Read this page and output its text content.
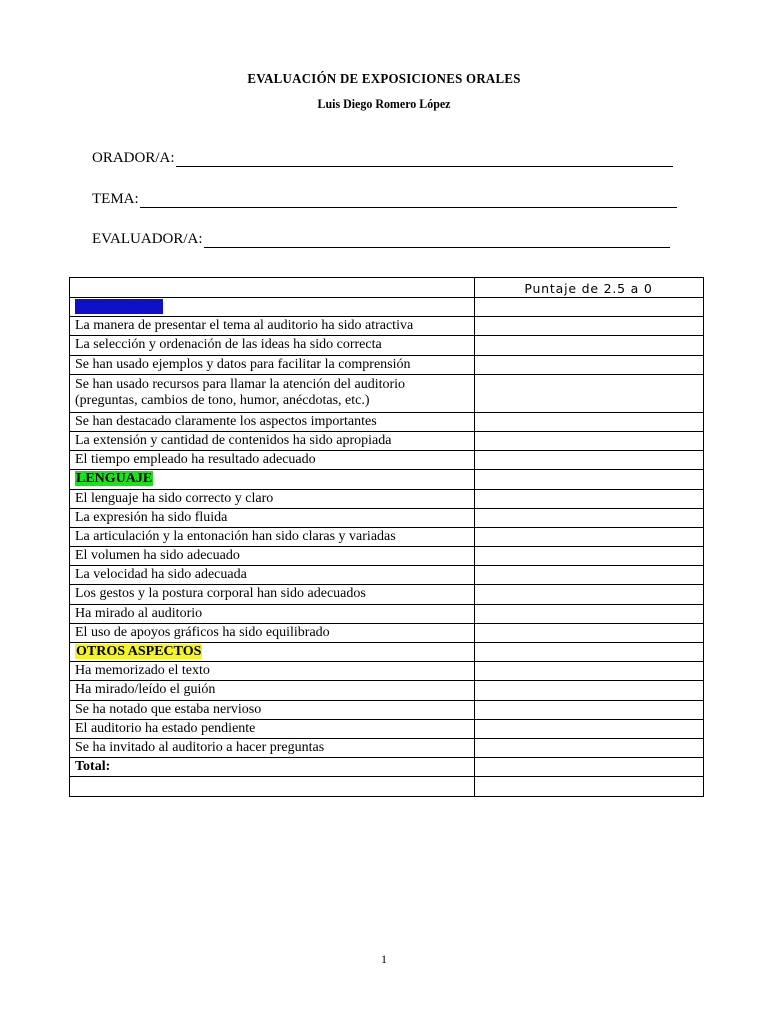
EVALUACIÓN DE EXPOSICIONES ORALES
Luis Diego Romero López
ORADOR/A:
TEMA:
EVALUADOR/A:
	Puntaje de 2.5 a 0
CONTENIDO	
La manera de presentar el tema al auditorio ha sido atractiva	
La selección y ordenación de las ideas ha sido correcta	
Se han usado ejemplos y datos para facilitar la comprensión	
Se han usado recursos para llamar la atención del auditorio (preguntas, cambios de tono, humor, anécdotas, etc.)	
Se han destacado claramente los aspectos importantes	
La extensión y cantidad de contenidos ha sido apropiada	
El tiempo empleado ha resultado adecuado	
LENGUAJE	
El lenguaje ha sido correcto y claro	
La expresión ha sido fluida	
La articulación y la entonación han sido claras y variadas	
El volumen ha sido adecuado	
La velocidad ha sido adecuada	
Los gestos y la postura corporal han sido adecuados	
Ha mirado al auditorio	
El uso de apoyos gráficos ha sido equilibrado	
OTROS ASPECTOS	
Ha memorizado el texto	
Ha mirado/leído el guión	
Se ha notado que estaba nervioso	
El auditorio ha estado pendiente	
Se ha invitado al auditorio a hacer preguntas	
Total:	

1
